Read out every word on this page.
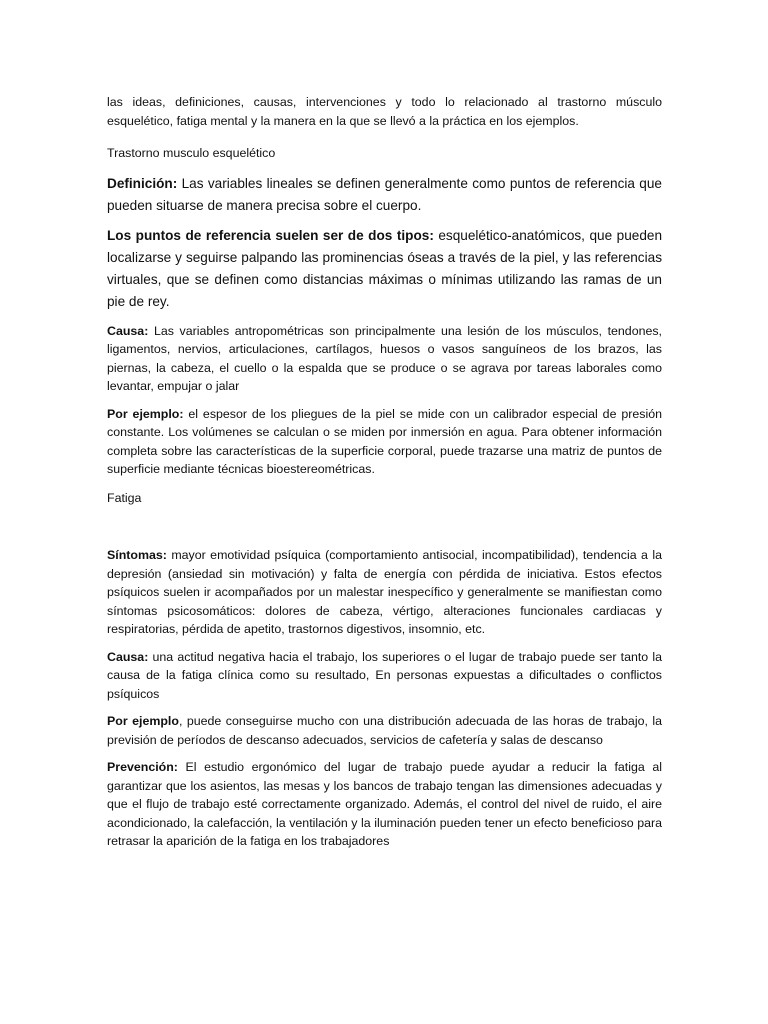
las ideas, definiciones, causas, intervenciones y todo lo relacionado al trastorno músculo esquelético, fatiga mental y la manera en la que se llevó a la práctica en los ejemplos.

Trastorno musculo esquelético

Definición: Las variables lineales se definen generalmente como puntos de referencia que pueden situarse de manera precisa sobre el cuerpo.

Los puntos de referencia suelen ser de dos tipos: esquelético-anatómicos, que pueden localizarse y seguirse palpando las prominencias óseas a través de la piel, y las referencias virtuales, que se definen como distancias máximas o mínimas utilizando las ramas de un pie de rey.

Causa: Las variables antropométricas son principalmente una lesión de los músculos, tendones, ligamentos, nervios, articulaciones, cartílagos, huesos o vasos sanguíneos de los brazos, las piernas, la cabeza, el cuello o la espalda que se produce o se agrava por tareas laborales como levantar, empujar o jalar

Por ejemplo: el espesor de los pliegues de la piel se mide con un calibrador especial de presión constante. Los volúmenes se calculan o se miden por inmersión en agua. Para obtener información completa sobre las características de la superficie corporal, puede trazarse una matriz de puntos de superficie mediante técnicas bioestereométricas.

Fatiga

Síntomas: mayor emotividad psíquica (comportamiento antisocial, incompatibilidad), tendencia a la depresión (ansiedad sin motivación) y falta de energía con pérdida de iniciativa. Estos efectos psíquicos suelen ir acompañados por un malestar inespecífico y generalmente se manifiestan como síntomas psicosomáticos: dolores de cabeza, vértigo, alteraciones funcionales cardiacas y respiratorias, pérdida de apetito, trastornos digestivos, insomnio, etc.

Causa: una actitud negativa hacia el trabajo, los superiores o el lugar de trabajo puede ser tanto la causa de la fatiga clínica como su resultado, En personas expuestas a dificultades o conflictos psíquicos

Por ejemplo, puede conseguirse mucho con una distribución adecuada de las horas de trabajo, la previsión de períodos de descanso adecuados, servicios de cafetería y salas de descanso

Prevención: El estudio ergonómico del lugar de trabajo puede ayudar a reducir la fatiga al garantizar que los asientos, las mesas y los bancos de trabajo tengan las dimensiones adecuadas y que el flujo de trabajo esté correctamente organizado. Además, el control del nivel de ruido, el aire acondicionado, la calefacción, la ventilación y la iluminación pueden tener un efecto beneficioso para retrasar la aparición de la fatiga en los trabajadores
